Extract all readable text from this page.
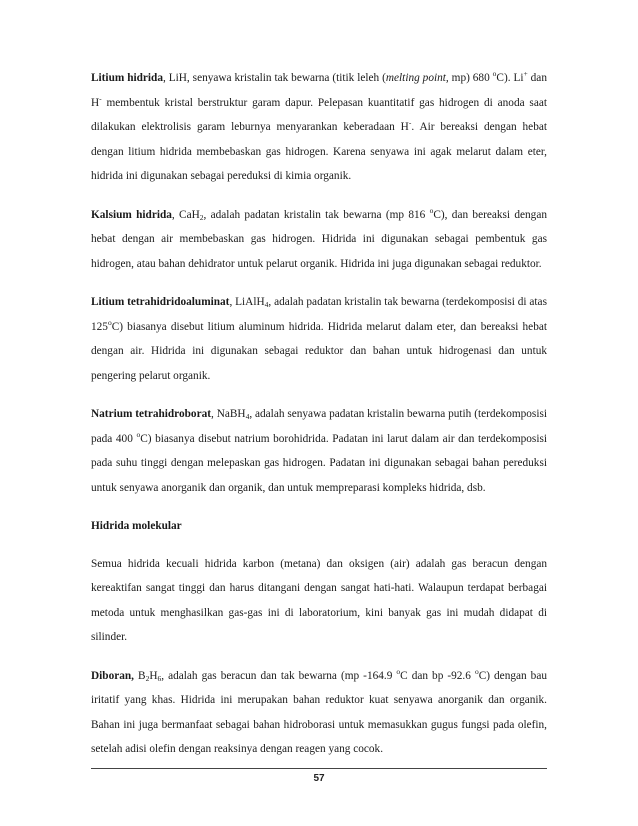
Litium hidrida, LiH, senyawa kristalin tak bewarna (titik leleh (melting point, mp) 680 $^o$C). Li+ dan H- membentuk kristal berstruktur garam dapur. Pelepasan kuantitatif gas hidrogen di anoda saat dilakukan elektrolisis garam leburnya menyarankan keberadaan H-. Air bereaksi dengan hebat dengan litium hidrida membebaskan gas hidrogen. Karena senyawa ini agak melarut dalam eter, hidrida ini digunakan sebagai pereduksi di kimia organik.

Kalsium hidrida, CaH$_2$, adalah padatan kristalin tak bewarna (mp 816 $^o$C), dan bereaksi dengan hebat dengan air membebaskan gas hidrogen. Hidrida ini digunakan sebagai pembentuk gas hidrogen, atau bahan dehidrator untuk pelarut organik. Hidrida ini juga digunakan sebagai reduktor.

Litium tetrahidridoaluminat, LiAlH$_4$, adalah padatan kristalin tak bewarna (terdekomposisi di atas 125$^o$C) biasanya disebut litium aluminum hidrida. Hidrida melarut dalam eter, dan bereaksi hebat dengan air. Hidrida ini digunakan sebagai reduktor dan bahan untuk hidrogenasi dan untuk pengering pelarut organik.

Natrium tetrahidroborat, NaBH$_4$, adalah senyawa padatan kristalin bewarna putih (terdekomposisi pada 400 $^o$C) biasanya disebut natrium borohidrida. Padatan ini larut dalam air dan terdekomposisi pada suhu tinggi dengan melepaskan gas hidrogen. Padatan ini digunakan sebagai bahan pereduksi untuk senyawa anorganik dan organik, dan untuk mempreparasi kompleks hidrida, dsb.

Hidrida molekular

Semua hidrida kecuali hidrida karbon (metana) dan oksigen (air) adalah gas beracun dengan kereaktifan sangat tinggi dan harus ditangani dengan sangat hati-hati. Walaupun terdapat berbagai metoda untuk menghasilkan gas-gas ini di laboratorium, kini banyak gas ini mudah didapat di silinder.

Diboran, $B_2H_6$, adalah gas beracun dan tak bewarna (mp -164.9 $^o$C dan bp -92.6 $^o$C) dengan bau iritatif yang khas. Hidrida ini merupakan bahan reduktor kuat senyawa anorganik dan organik. Bahan ini juga bermanfaat sebagai bahan hidroborasi untuk memasukkan gugus fungsi pada olefin, setelah adisi olefin dengan reaksinya dengan reagen yang cocok.

57
